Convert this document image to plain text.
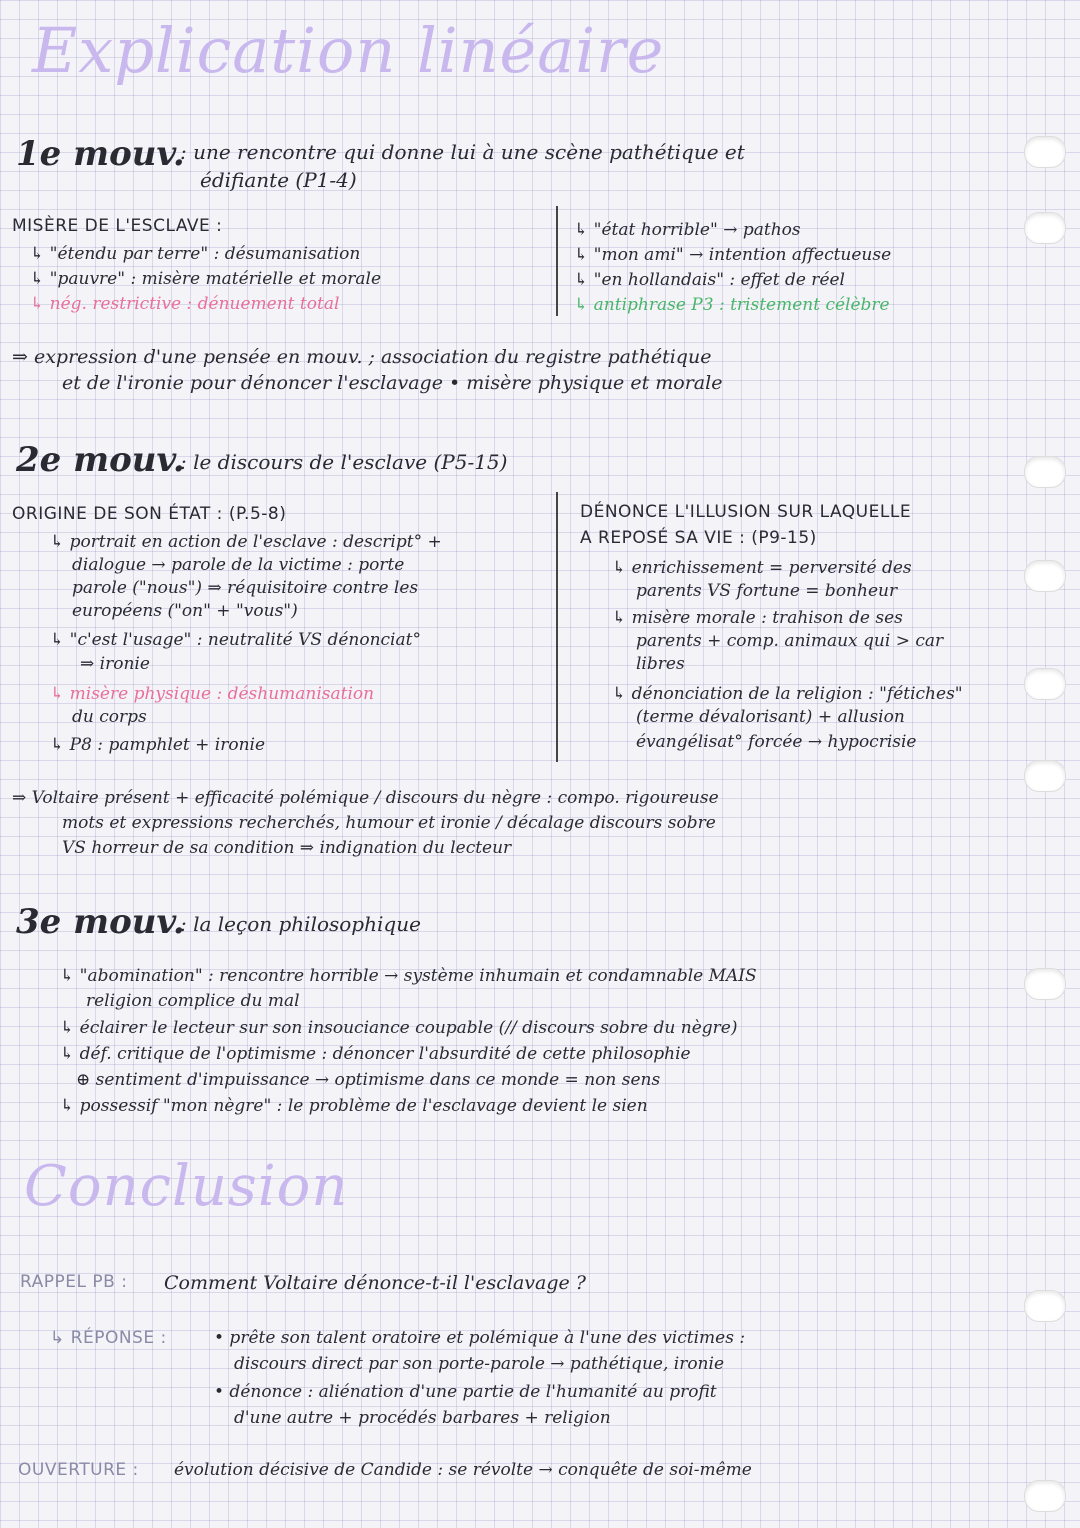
Explication linéaire
1e mouv.
: une rencontre qui donne lui à une scène pathétique et
édifiante (P1-4)
MISÈRE DE L'ESCLAVE :
↳ "étendu par terre" : désumanisation
↳ "pauvre" : misère matérielle et morale
↳ nég. restrictive : dénuement total
↳ "état horrible" → pathos
↳ "mon ami" → intention affectueuse
↳ "en hollandais" : effet de réel
↳ antiphrase P3 : tristement célèbre
⇒ expression d'une pensée en mouv. ; association du registre pathétique
et de l'ironie pour dénoncer l'esclavage • misère physique et morale
2e mouv.
: le discours de l'esclave (P5-15)
ORIGINE DE SON ÉTAT : (P.5-8)
↳ portrait en action de l'esclave : descript° +
dialogue → parole de la victime : porte
parole ("nous") ⇒ réquisitoire contre les
européens ("on" + "vous")
↳ "c'est l'usage" : neutralité VS dénonciat°
⇒ ironie
↳ misère physique : déshumanisation
du corps
↳ P8 : pamphlet + ironie
DÉNONCE L'ILLUSION SUR LAQUELLE
A REPOSÉ SA VIE : (P9-15)
↳ enrichissement = perversité des
parents VS fortune = bonheur
↳ misère morale : trahison de ses
parents + comp. animaux qui > car
libres
↳ dénonciation de la religion : "fétiches"
(terme dévalorisant) + allusion
évangélisat° forcée → hypocrisie
⇒ Voltaire présent + efficacité polémique / discours du nègre : compo. rigoureuse
mots et expressions recherchés, humour et ironie / décalage discours sobre
VS horreur de sa condition ⇒ indignation du lecteur
3e mouv.
: la leçon philosophique
↳ "abomination" : rencontre horrible → système inhumain et condamnable MAIS
religion complice du mal
↳ éclairer le lecteur sur son insouciance coupable (// discours sobre du nègre)
↳ déf. critique de l'optimisme : dénoncer l'absurdité de cette philosophie
⊕ sentiment d'impuissance → optimisme dans ce monde = non sens
↳ possessif "mon nègre" : le problème de l'esclavage devient le sien
Conclusion
RAPPEL PB : Comment Voltaire dénonce-t-il l'esclavage ?
↳ RÉPONSE :	• prête son talent oratoire et polémique à l'une des victimes :
discours direct par son porte-parole → pathétique, ironie
• dénonce : aliénation d'une partie de l'humanité au profit
d'une autre + procédés barbares + religion
OUVERTURE : évolution décisive de Candide : se révolte → conquête de soi-même
